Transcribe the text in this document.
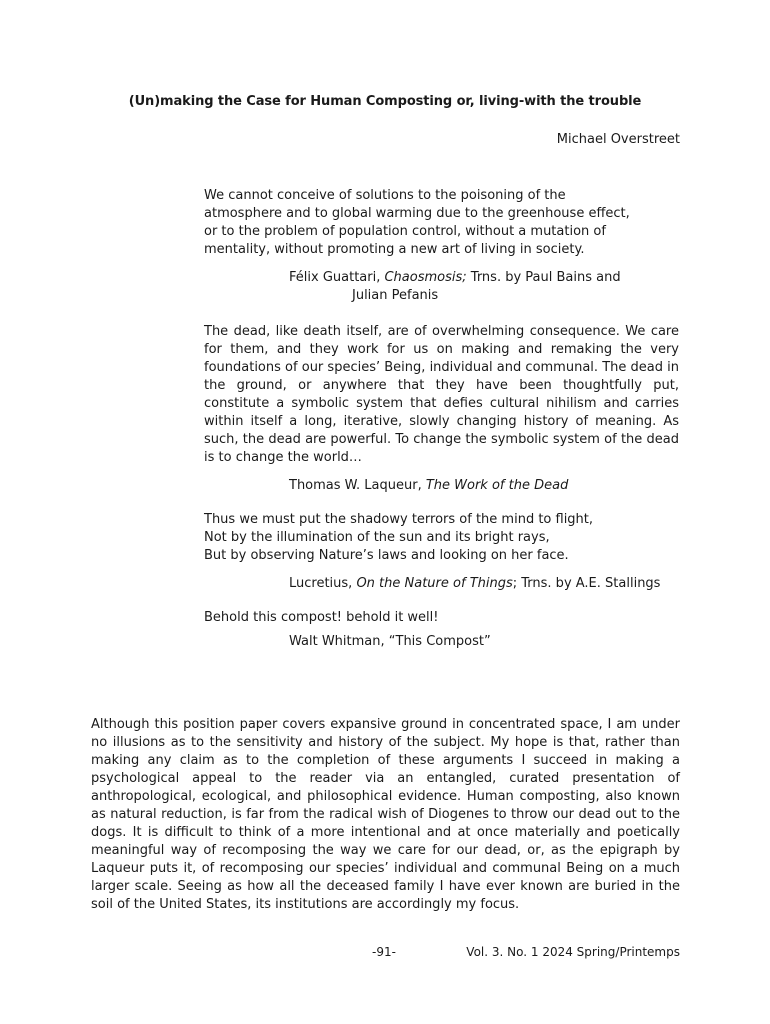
(Un)making the Case for Human Composting or, living-with the trouble
Michael Overstreet

We cannot conceive of solutions to the poisoning of the
atmosphere and to global warming due to the greenhouse effect,
or to the problem of population control, without a mutation of
mentality, without promoting a new art of living in society.

Félix Guattari, Chaosmosis; Trns. by Paul Bains and
Julian Pefanis

The dead, like death itself, are of overwhelming consequence. We care for them, and they work for us on making and remaking the very foundations of our species’ Being, individual and communal. The dead in the ground, or anywhere that they have been thoughtfully put, constitute a symbolic system that defies cultural nihilism and carries within itself a long, iterative, slowly changing history of meaning. As such, the dead are powerful. To change the symbolic system of the dead is to change the world…

Thomas W. Laqueur, The Work of the Dead

Thus we must put the shadowy terrors of the mind to flight,
Not by the illumination of the sun and its bright rays,
But by observing Nature’s laws and looking on her face.

Lucretius, On the Nature of Things; Trns. by A.E. Stallings

Behold this compost! behold it well!

Walt Whitman, “This Compost”

Although this position paper covers expansive ground in concentrated space, I am under no illusions as to the sensitivity and history of the subject. My hope is that, rather than making any claim as to the completion of these arguments I succeed in making a psychological appeal to the reader via an entangled, curated presentation of anthropological, ecological, and philosophical evidence. Human composting, also known as natural reduction, is far from the radical wish of Diogenes to throw our dead out to the dogs. It is difficult to think of a more intentional and at once materially and poetically meaningful way of recomposing the way we care for our dead, or, as the epigraph by Laqueur puts it, of recomposing our species’ individual and communal Being on a much larger scale. Seeing as how all the deceased family I have ever known are buried in the soil of the United States, its institutions are accordingly my focus.

-91-	Vol. 3. No. 1 2024 Spring/Printemps
